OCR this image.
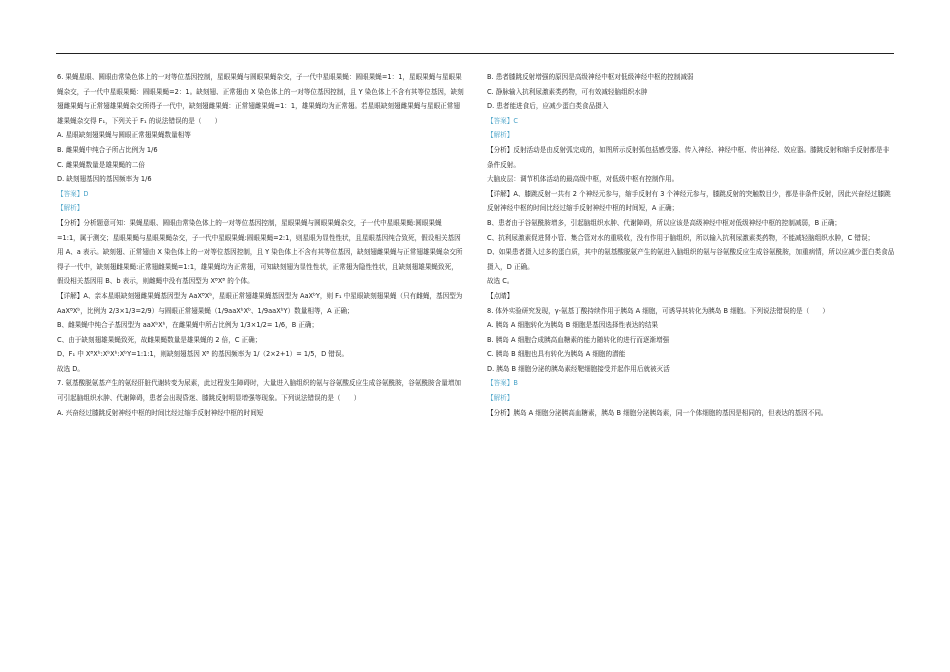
6. 果蝇星眼、圆眼由常染色体上的一对等位基因控制，星眼果蝇与圆眼果蝇杂交，子一代中星眼果蝇：圆眼果蝇=1：1，星眼果蝇与星眼果蝇杂交，子一代中星眼果蝇：圆眼果蝇=2：1。缺刻翅、正常翅由 X 染色体上的一对等位基因控制，且 Y 染色体上不含有其等位基因，缺刻翅雌果蝇与正常翅雄果蝇杂交所得子一代中，缺刻翅雌果蝇：正常翅雌果蝇=1：1，雄果蝇均为正常翅。若星眼缺刻翅雌果蝇与星眼正常翅雄果蝇杂交得 F₁，下列关于 F₁ 的说法错误的是（　　）

A. 星眼缺刻翅果蝇与圆眼正常翅果蝇数量相等

B. 雌果蝇中纯合子所占比例为 1/6

C. 雌果蝇数量是雄果蝇的二倍

D. 缺刻翅基因的基因频率为 1/6

【答案】D

【解析】

【分析】分析题意可知：果蝇星眼、圆眼由常染色体上的一对等位基因控制，星眼果蝇与圆眼果蝇杂交，子一代中星眼果蝇:圆眼果蝇=1:1，属于测交；星眼果蝇与星眼果蝇杂交，子一代中星眼果蝇:圆眼果蝇=2:1，则星眼为显性性状，且星眼基因纯合致死，假设相关基因用 A、a 表示。缺刻翅、正常翅由 X 染色体上的一对等位基因控制，且 Y 染色体上不含有其等位基因，缺刻翅雌果蝇与正常翅雄果蝇杂交所得子一代中，缺刻翅雌果蝇:正常翅雌果蝇=1:1，雄果蝇均为正常翅，可知缺刻翅为显性性状，正常翅为隐性性状，且缺刻翅雄果蝇致死，假设相关基因用 B、b 表示，则雌蝇中没有基因型为 XᴮXᴮ 的个体。

【详解】A、亲本星眼缺刻翅雌果蝇基因型为 AaXᴮXᵇ，星眼正常翅雄果蝇基因型为 AaXᵇY，则 F₁ 中星眼缺刻翅果蝇（只有雌蝇，基因型为 AaXᴮXᵇ，比例为 2/3×1/3=2/9）与圆眼正常翅果蝇（1/9aaXᵇXᵇ、1/9aaXᵇY）数量相等，A 正确；

B、雌果蝇中纯合子基因型为 aaXᵇXᵇ，在雌果蝇中所占比例为 1/3×1/2= 1/6，B 正确；

C、由于缺刻翅雄果蝇致死，故雌果蝇数量是雄果蝇的 2 倍，C 正确；

D、F₁ 中 XᴮXᵇ:XᵇXᵇ:XᵇY=1:1:1，则缺刻翅基因 Xᴮ 的基因频率为 1/（2×2+1）= 1/5，D 错误。

故选 D。

7. 氨基酸脱氨基产生的氨经肝脏代谢转变为尿素，此过程发生障碍时，大量进入脑组织的氨与谷氨酸反应生成谷氨酰胺，谷氨酰胺含量增加可引起脑组织水肿、代谢障碍，患者会出现昏迷、膝跳反射明显增强等现象。下列说法错误的是（　　）

A. 兴奋经过膝跳反射神经中枢的时间比经过缩手反射神经中枢的时间短

B. 患者膝跳反射增强的原因是高级神经中枢对低级神经中枢的控制减弱

C. 静脉输入抗利尿激素类药物，可有效减轻脑组织水肿

D. 患者能进食后，应减少蛋白类食品摄入

【答案】C

【解析】

【分析】反射活动是由反射弧完成的，如图所示反射弧包括感受器、传入神经、神经中枢、传出神经、效应器。膝跳反射和缩手反射都是非条件反射。

大脑皮层：调节机体活动的最高级中枢，对低级中枢有控制作用。

【详解】A、膝跳反射一共有 2 个神经元参与，缩手反射有 3 个神经元参与，膝跳反射的突触数目少，都是非条件反射，因此兴奋经过膝跳反射神经中枢的时间比经过缩手反射神经中枢的时间短，A 正确；

B、患者由于谷氨酰胺增多，引起脑组织水肿、代谢障碍，所以应该是高级神经中枢对低级神经中枢的控制减弱，B 正确；

C、抗利尿激素促进肾小管、集合管对水的重吸收，没有作用于脑组织，所以输入抗利尿激素类药物，不能减轻脑组织水肿，C 错误；

D、如果患者摄入过多的蛋白质，其中的氨基酸脱氨产生的氨进入脑组织的氨与谷氨酸反应生成谷氨酰胺，加重病情，所以应减少蛋白类食品摄入，D 正确。

故选 C。

【点睛】

8. 体外实验研究发现，γ-氨基丁酸持续作用于胰岛 A 细胞，可诱导其转化为胰岛 B 细胞。下列说法错误的是（　　）

A. 胰岛 A 细胞转化为胰岛 B 细胞是基因选择性表达的结果

B. 胰岛 A 细胞合成胰高血糖素的能力随转化的进行而逐渐增强

C. 胰岛 B 细胞也具有转化为胰岛 A 细胞的潜能

D. 胰岛 B 细胞分泌的胰岛素经靶细胞接受并起作用后就被灭活

【答案】B

【解析】

【分析】胰岛 A 细胞分泌胰高血糖素，胰岛 B 细胞分泌胰岛素，同一个体细胞的基因是相同的，但表达的基因不同。
